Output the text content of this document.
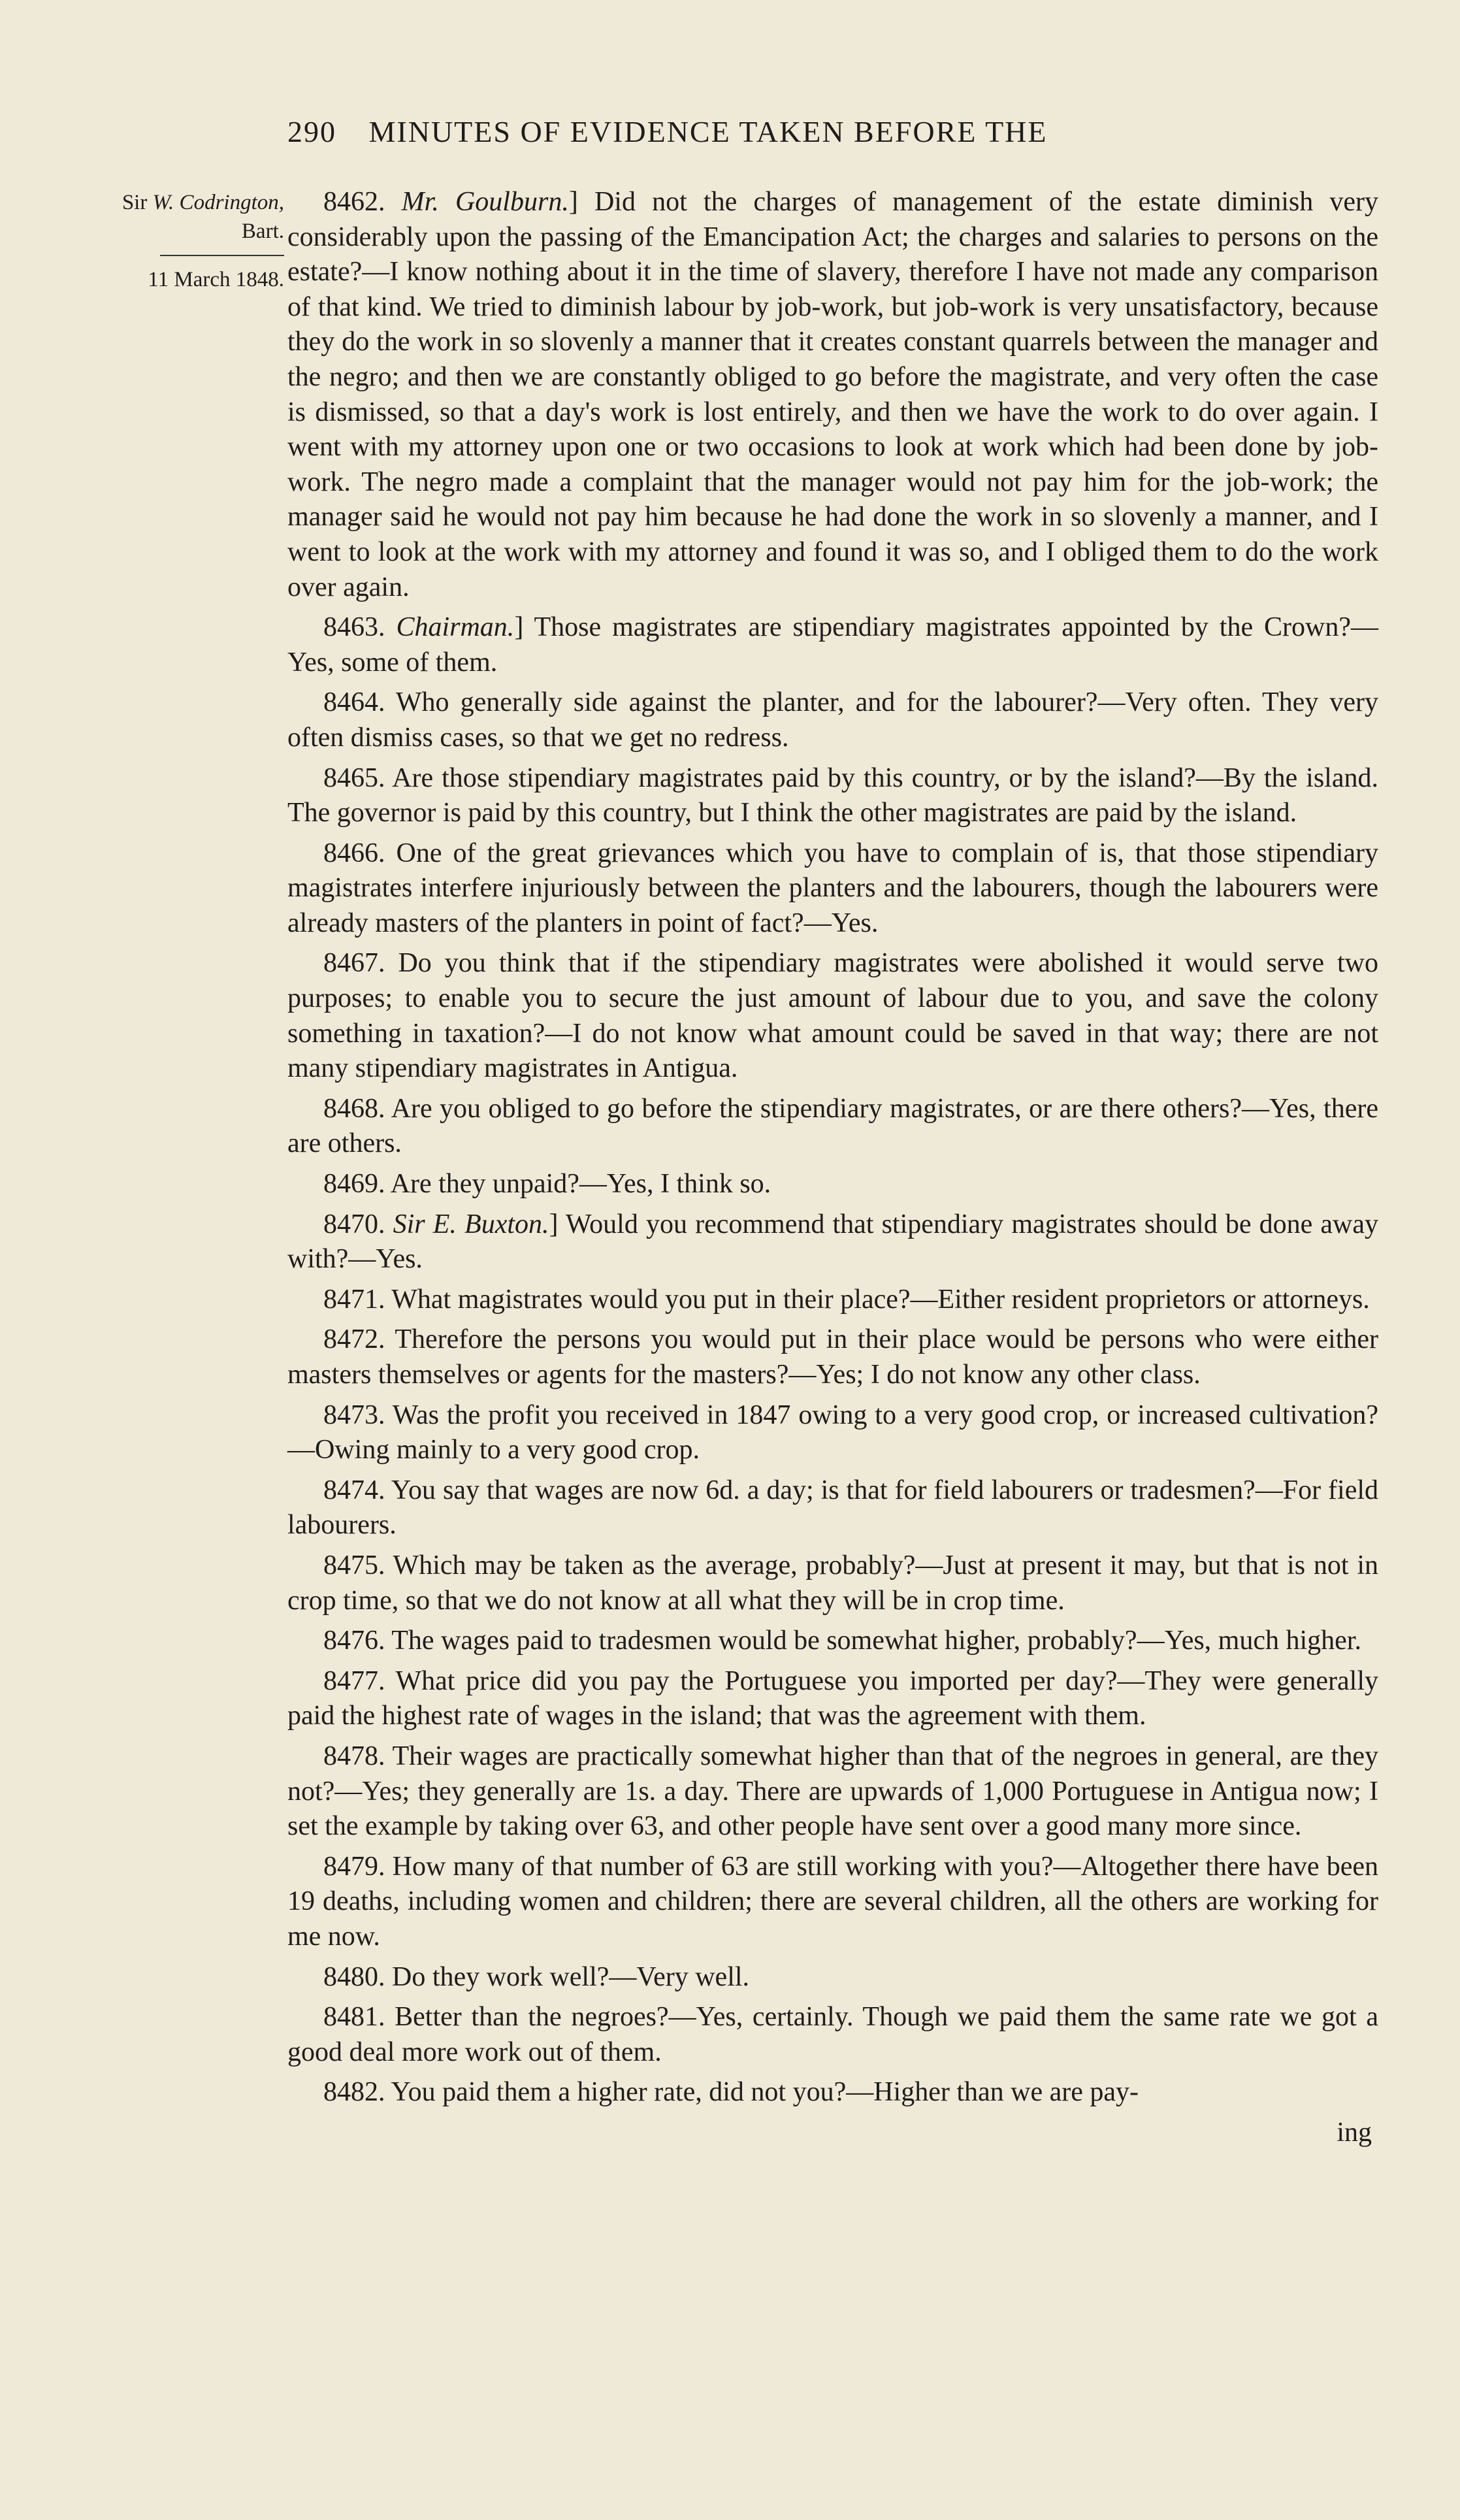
290 MINUTES OF EVIDENCE TAKEN BEFORE THE
Sir W. Codrington,
Bart.
11 March 1848.

8462. Mr. Goulburn.] Did not the charges of management of the estate diminish very considerably upon the passing of the Emancipation Act; the charges and salaries to persons on the estate?—I know nothing about it in the time of slavery, therefore I have not made any comparison of that kind. We tried to diminish labour by job-work, but job-work is very unsatisfactory, because they do the work in so slovenly a manner that it creates constant quarrels between the manager and the negro; and then we are constantly obliged to go before the magistrate, and very often the case is dismissed, so that a day's work is lost entirely, and then we have the work to do over again. I went with my attorney upon one or two occasions to look at work which had been done by job-work. The negro made a complaint that the manager would not pay him for the job-work; the manager said he would not pay him because he had done the work in so slovenly a manner, and I went to look at the work with my attorney and found it was so, and I obliged them to do the work over again.

8463. Chairman.] Those magistrates are stipendiary magistrates appointed by the Crown?—Yes, some of them.

8464. Who generally side against the planter, and for the labourer?—Very often. They very often dismiss cases, so that we get no redress.

8465. Are those stipendiary magistrates paid by this country, or by the island?—By the island. The governor is paid by this country, but I think the other magistrates are paid by the island.

8466. One of the great grievances which you have to complain of is, that those stipendiary magistrates interfere injuriously between the planters and the labourers, though the labourers were already masters of the planters in point of fact?—Yes.

8467. Do you think that if the stipendiary magistrates were abolished it would serve two purposes; to enable you to secure the just amount of labour due to you, and save the colony something in taxation?—I do not know what amount could be saved in that way; there are not many stipendiary magistrates in Antigua.

8468. Are you obliged to go before the stipendiary magistrates, or are there others?—Yes, there are others.

8469. Are they unpaid?—Yes, I think so.

8470. Sir E. Buxton.] Would you recommend that stipendiary magistrates should be done away with?—Yes.

8471. What magistrates would you put in their place?—Either resident proprietors or attorneys.

8472. Therefore the persons you would put in their place would be persons who were either masters themselves or agents for the masters?—Yes; I do not know any other class.

8473. Was the profit you received in 1847 owing to a very good crop, or increased cultivation?—Owing mainly to a very good crop.

8474. You say that wages are now 6d. a day; is that for field labourers or tradesmen?—For field labourers.

8475. Which may be taken as the average, probably?—Just at present it may, but that is not in crop time, so that we do not know at all what they will be in crop time.

8476. The wages paid to tradesmen would be somewhat higher, probably?—Yes, much higher.

8477. What price did you pay the Portuguese you imported per day?—They were generally paid the highest rate of wages in the island; that was the agreement with them.

8478. Their wages are practically somewhat higher than that of the negroes in general, are they not?—Yes; they generally are 1s. a day. There are upwards of 1,000 Portuguese in Antigua now; I set the example by taking over 63, and other people have sent over a good many more since.

8479. How many of that number of 63 are still working with you?—Altogether there have been 19 deaths, including women and children; there are several children, all the others are working for me now.

8480. Do they work well?—Very well.

8481. Better than the negroes?—Yes, certainly. Though we paid them the same rate we got a good deal more work out of them.

8482. You paid them a higher rate, did not you?—Higher than we are pay-

ing
